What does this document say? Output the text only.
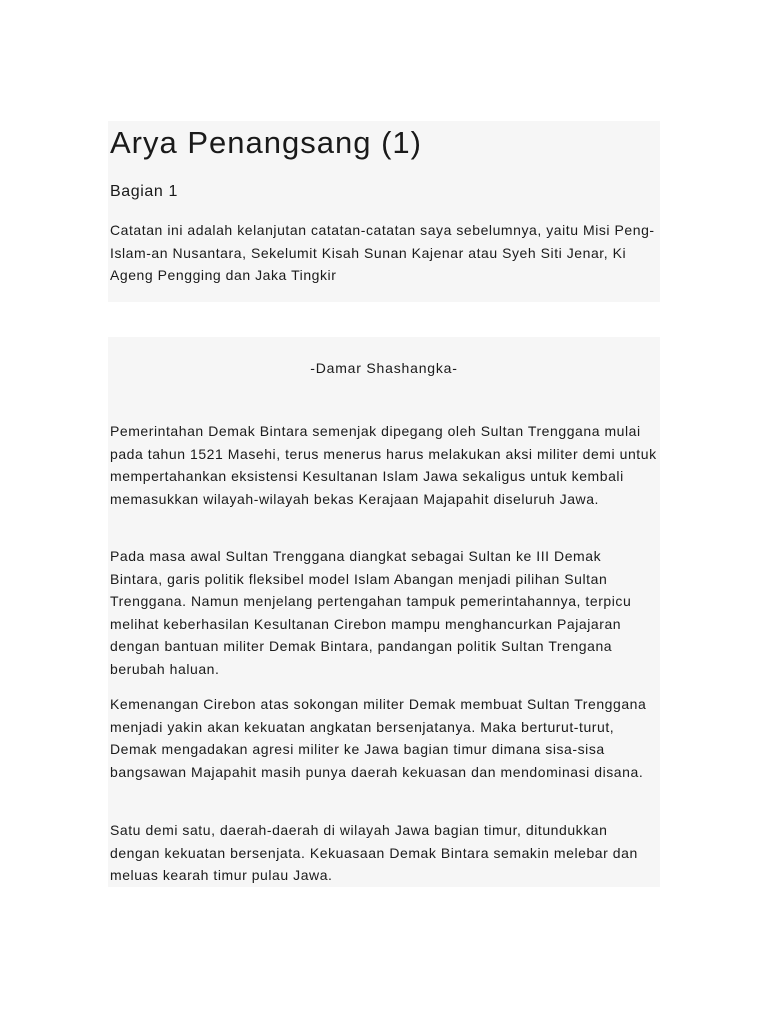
Arya Penangsang (1)
Bagian 1

Catatan ini adalah kelanjutan catatan-catatan saya sebelumnya, yaitu Misi Peng-Islam-an Nusantara, Sekelumit Kisah Sunan Kajenar atau Syeh Siti Jenar, Ki Ageng Pengging dan Jaka Tingkir

-Damar Shashangka-

Pemerintahan Demak Bintara semenjak dipegang oleh Sultan Trenggana mulai pada tahun 1521 Masehi, terus menerus harus melakukan aksi militer demi untuk mempertahankan eksistensi Kesultanan Islam Jawa sekaligus untuk kembali memasukkan wilayah-wilayah bekas Kerajaan Majapahit diseluruh Jawa.

Pada masa awal Sultan Trenggana diangkat sebagai Sultan ke III Demak Bintara, garis politik fleksibel model Islam Abangan menjadi pilihan Sultan Trenggana. Namun menjelang pertengahan tampuk pemerintahannya, terpicu melihat keberhasilan Kesultanan Cirebon mampu menghancurkan Pajajaran dengan bantuan militer Demak Bintara, pandangan politik Sultan Trengana berubah haluan.

Kemenangan Cirebon atas sokongan militer Demak membuat Sultan Trenggana menjadi yakin akan kekuatan angkatan bersenjatanya. Maka berturut-turut, Demak mengadakan agresi militer ke Jawa bagian timur dimana sisa-sisa bangsawan Majapahit masih punya daerah kekuasan dan mendominasi disana.

Satu demi satu, daerah-daerah di wilayah Jawa bagian timur, ditundukkan dengan kekuatan bersenjata. Kekuasaan Demak Bintara semakin melebar dan meluas kearah timur pulau Jawa.
